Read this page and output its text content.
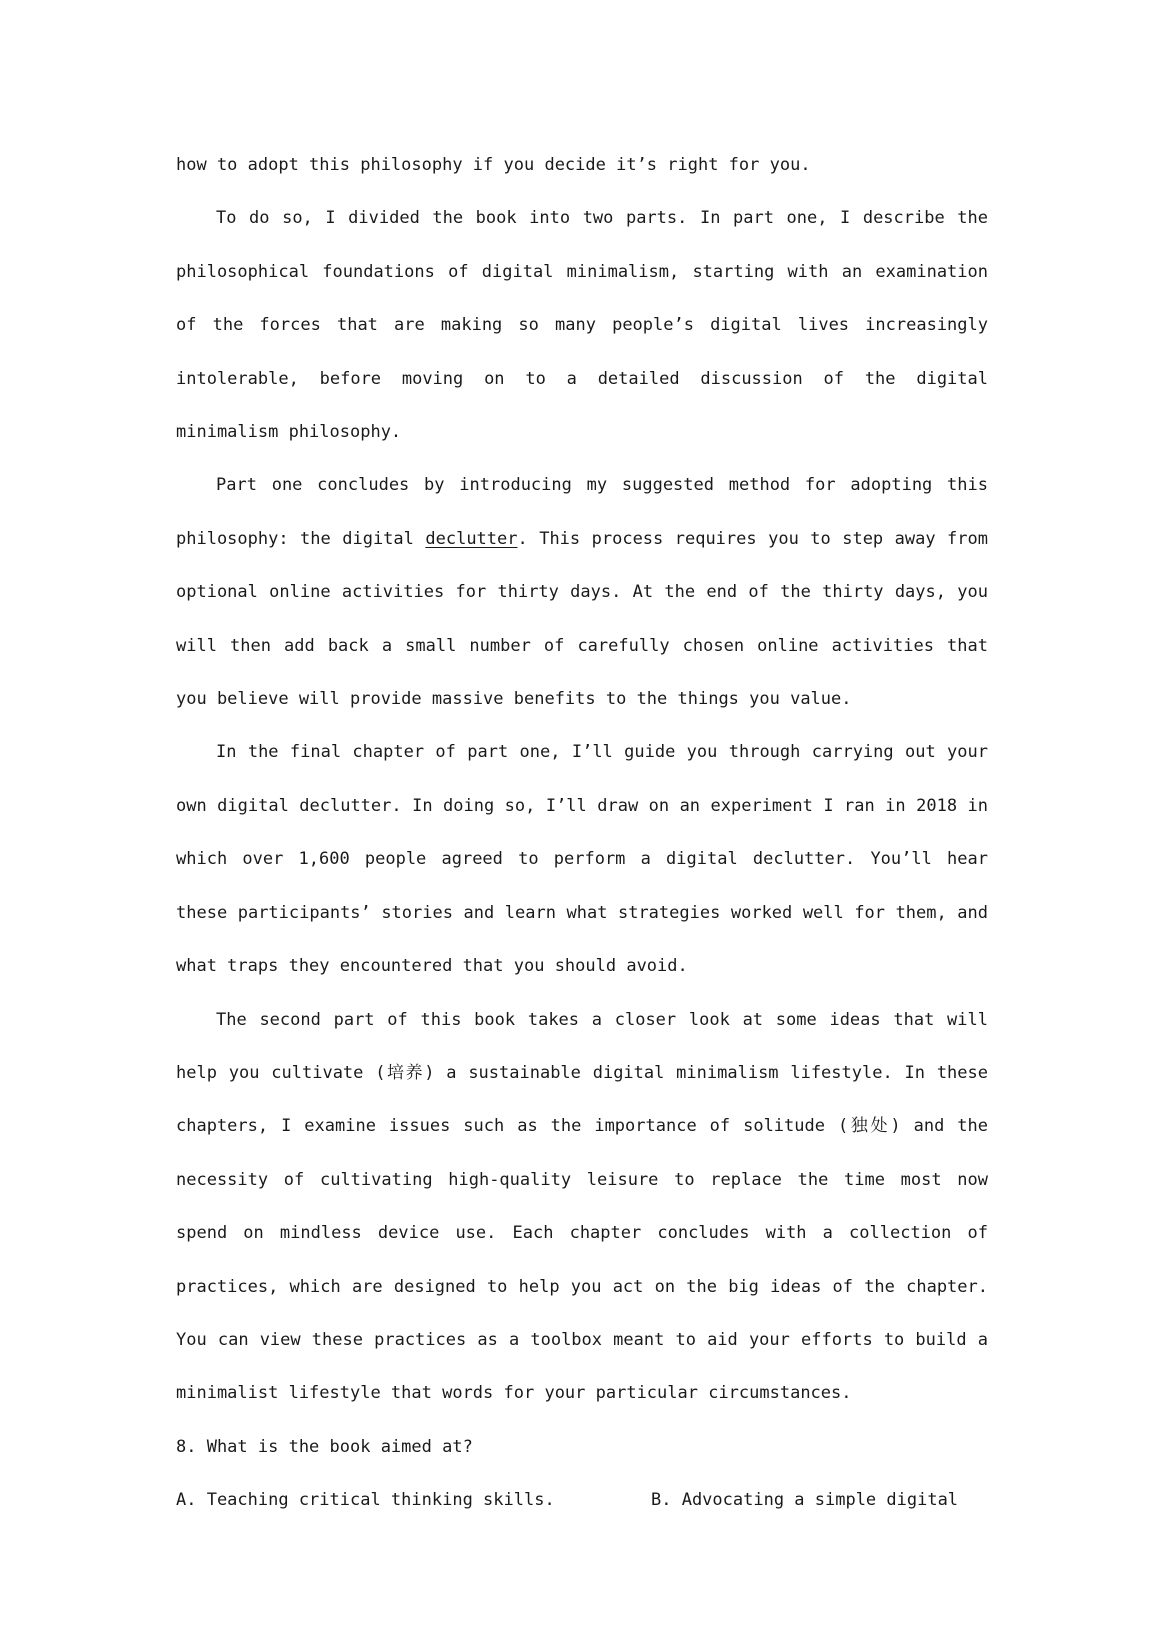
how to adopt this philosophy if you decide it’s right for you.

To do so, I divided the book into two parts. In part one, I describe the philosophical foundations of digital minimalism, starting with an examination of the forces that are making so many people’s digital lives increasingly intolerable, before moving on to a detailed discussion of the digital minimalism philosophy.

Part one concludes by introducing my suggested method for adopting this philosophy: the digital declutter. This process requires you to step away from optional online activities for thirty days. At the end of the thirty days, you will then add back a small number of carefully chosen online activities that you believe will provide massive benefits to the things you value.

In the final chapter of part one, I’ll guide you through carrying out your own digital declutter. In doing so, I’ll draw on an experiment I ran in 2018 in which over 1,600 people agreed to perform a digital declutter. You’ll hear these participants’ stories and learn what strategies worked well for them, and what traps they encountered that you should avoid.

The second part of this book takes a closer look at some ideas that will help you cultivate (培养) a sustainable digital minimalism lifestyle. In these chapters, I examine issues such as the importance of solitude (独处) and the necessity of cultivating high-quality leisure to replace the time most now spend on mindless device use. Each chapter concludes with a collection of practices, which are designed to help you act on the big ideas of the chapter. You can view these practices as a toolbox meant to aid your efforts to build a minimalist lifestyle that words for your particular circumstances.

8. What is the book aimed at?

A. Teaching critical thinking skills.	B. Advocating a simple digital
